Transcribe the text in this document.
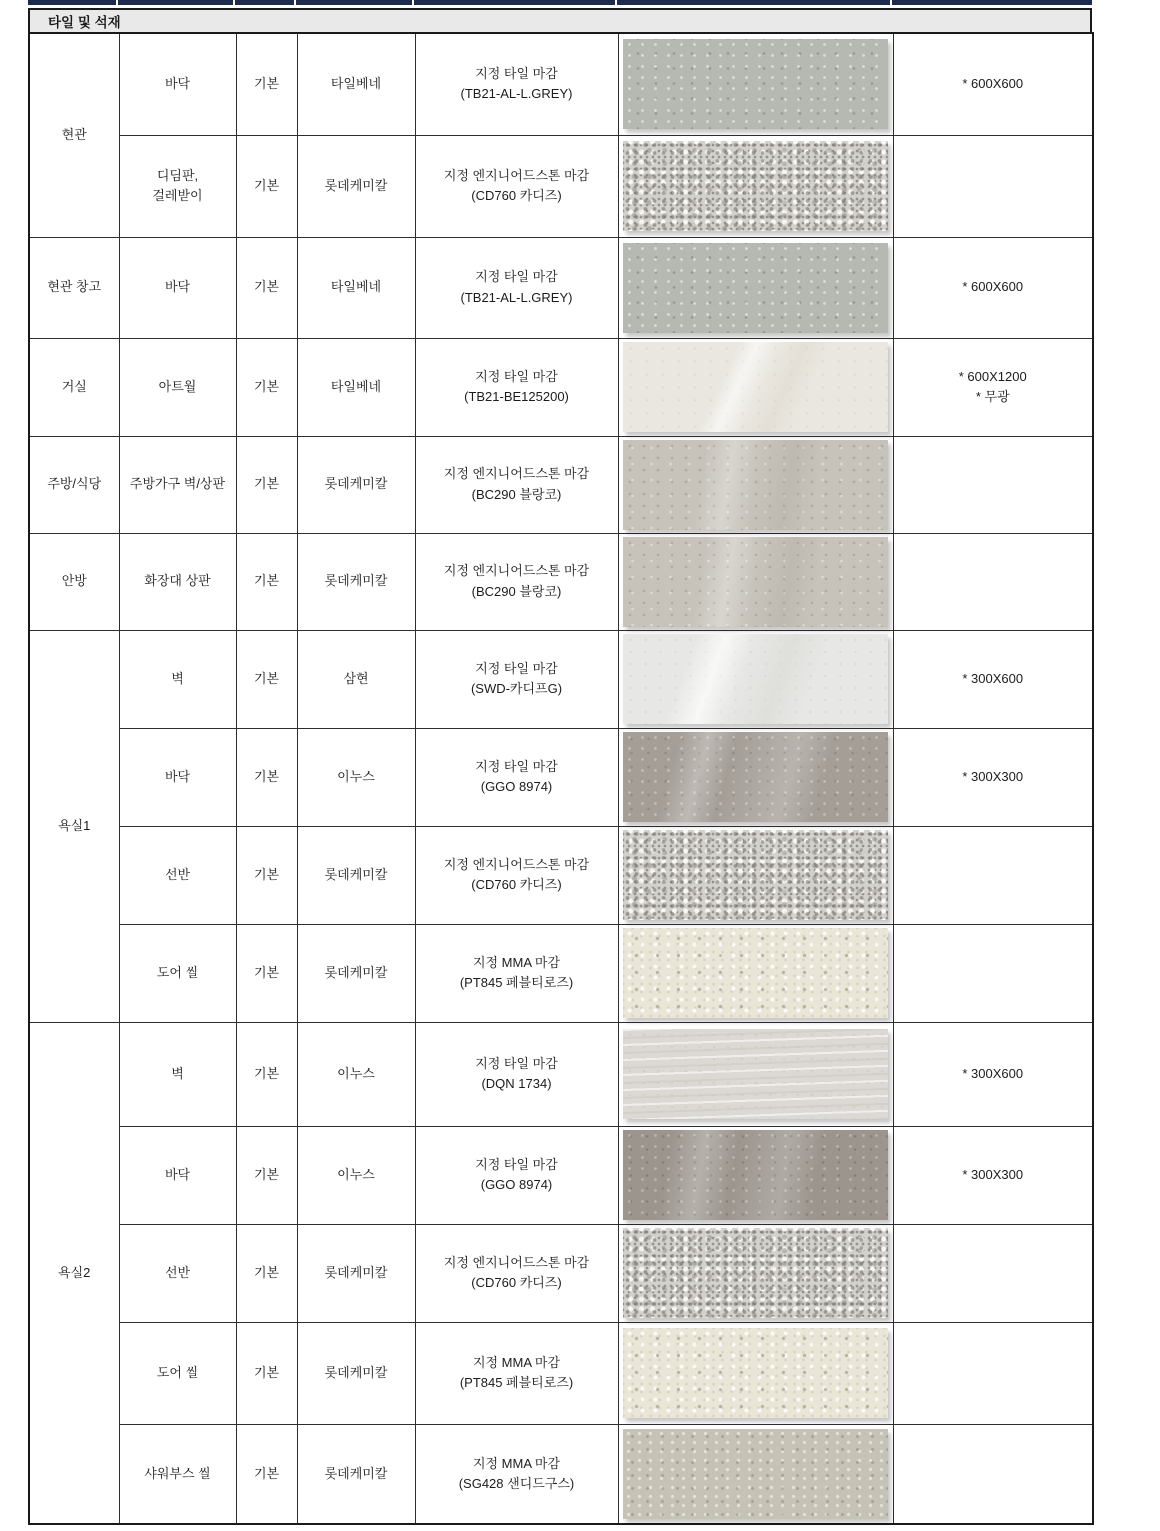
타일 및 석재
현관	바닥	기본	타일베네	지정 타일 마감
(TB21-AL-L.GREY)		* 600X600

	디딤판,
걸레받이	기본	롯데케미칼	지정 엔지니어드스톤 마감
(CD760 카디즈)		

현관 창고	바닥	기본	타일베네	지정 타일 마감
(TB21-AL-L.GREY)		* 600X600

거실	아트월	기본	타일베네	지정 타일 마감
(TB21-BE125200)		* 600X1200
* 무광

주방/식당	주방가구 벽/상판	기본	롯데케미칼	지정 엔지니어드스톤 마감
(BC290 블랑코)		

안방	화장대 상판	기본	롯데케미칼	지정 엔지니어드스톤 마감
(BC290 블랑코)		

욕실1	벽	기본	삼현	지정 타일 마감
(SWD-카디프G)		* 300X600

	바닥	기본	이누스	지정 타일 마감
(GGO 8974)		* 300X300

	선반	기본	롯데케미칼	지정 엔지니어드스톤 마감
(CD760 카디즈)		

	도어 씰	기본	롯데케미칼	지정 MMA 마감
(PT845 페블티로즈)		

욕실2	벽	기본	이누스	지정 타일 마감
(DQN 1734)		* 300X600

	바닥	기본	이누스	지정 타일 마감
(GGO 8974)		* 300X300

	선반	기본	롯데케미칼	지정 엔지니어드스톤 마감
(CD760 카디즈)		

	도어 씰	기본	롯데케미칼	지정 MMA 마감
(PT845 페블티로즈)		

	샤워부스 씰	기본	롯데케미칼	지정 MMA 마감
(SG428 샌디드구스)		
